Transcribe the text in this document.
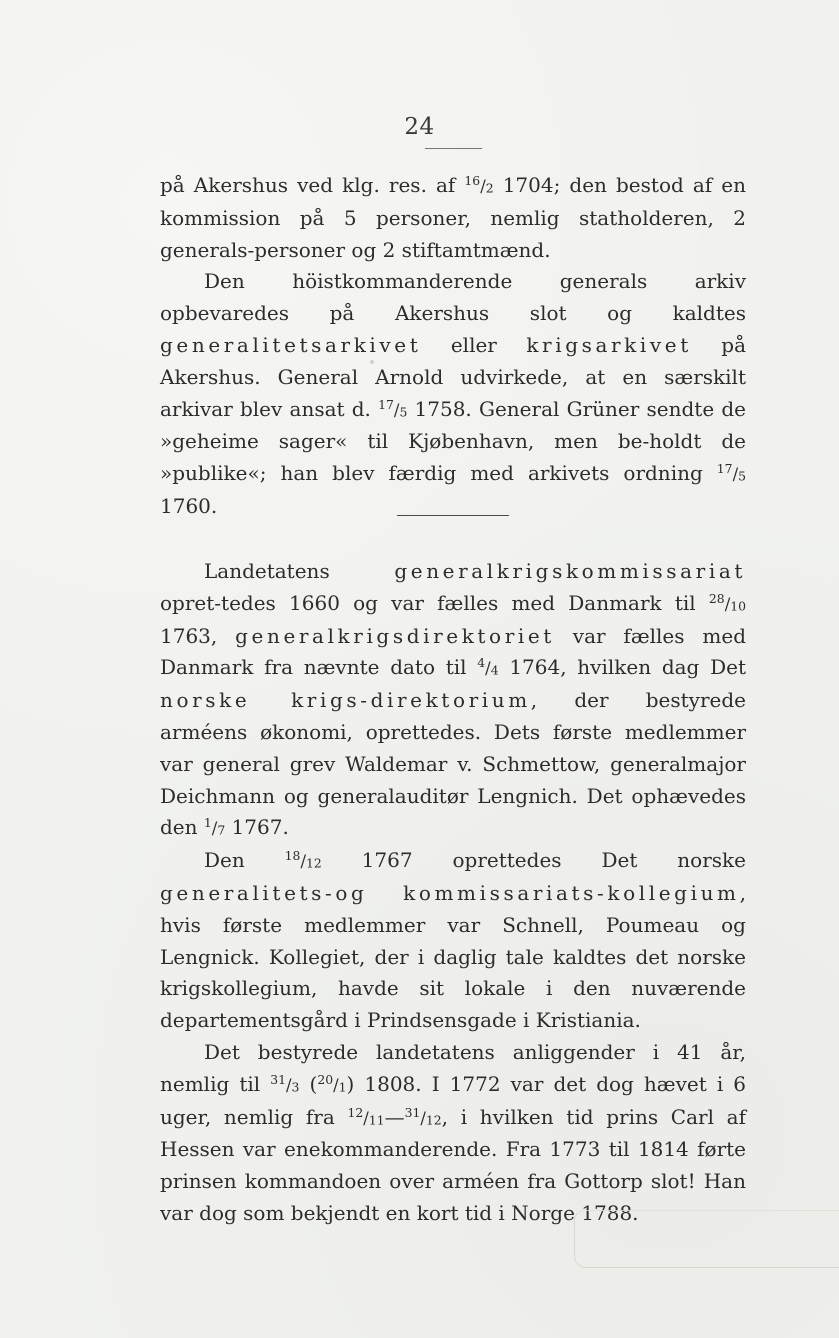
24

på Akershus ved klg. res. af $^{16}/_2$ 1704; den bestod af en kommission på 5 personer, nemlig statholderen, 2 generals-personer og 2 stiftamtmænd.

Den höistkommanderende generals arkiv opbevaredes på Akershus slot og kaldtes generalitetsarkivet eller krigsarkivet på Akershus. General Arnold udvirkede, at en særskilt arkivar blev ansat d. $^{17}/_5$ 1758. General Grüner sendte de »geheime sager« til Kjøbenhavn, men be-holdt de »publike«; han blev færdig med arkivets ordning $^{17}/_5$ 1760.

Landetatens generalkrigskommissariat opret-tedes 1660 og var fælles med Danmark til $^{28}/_{10}$ 1763, generalkrigsdirektoriet var fælles med Danmark fra nævnte dato til $^4/_4$ 1764, hvilken dag Det norske krigs-direktorium, der bestyrede arméens økonomi, oprettedes. Dets første medlemmer var general grev Waldemar v. Schmettow, generalmajor Deichmann og generalauditør Lengnich. Det ophævedes den $^1/_7$ 1767.

Den $^{18}/_{12}$ 1767 oprettedes Det norske generalitets-og kommissariats-kollegium, hvis første medlemmer var Schnell, Poumeau og Lengnick. Kollegiet, der i daglig tale kaldtes det norske krigskollegium, havde sit lokale i den nuværende departementsgård i Prindsensgade i Kristiania.

Det bestyrede landetatens anliggender i 41 år, nemlig til $^{31}/_3$ $(^{20}/_1)$ 1808. I 1772 var det dog hævet i 6 uger, nemlig fra $^{12}/_{11}—^{31}/_{12}$, i hvilken tid prins Carl af Hessen var enekommanderende. Fra 1773 til 1814 førte prinsen kommandoen over arméen fra Gottorp slot! Han var dog som bekjendt en kort tid i Norge 1788.
